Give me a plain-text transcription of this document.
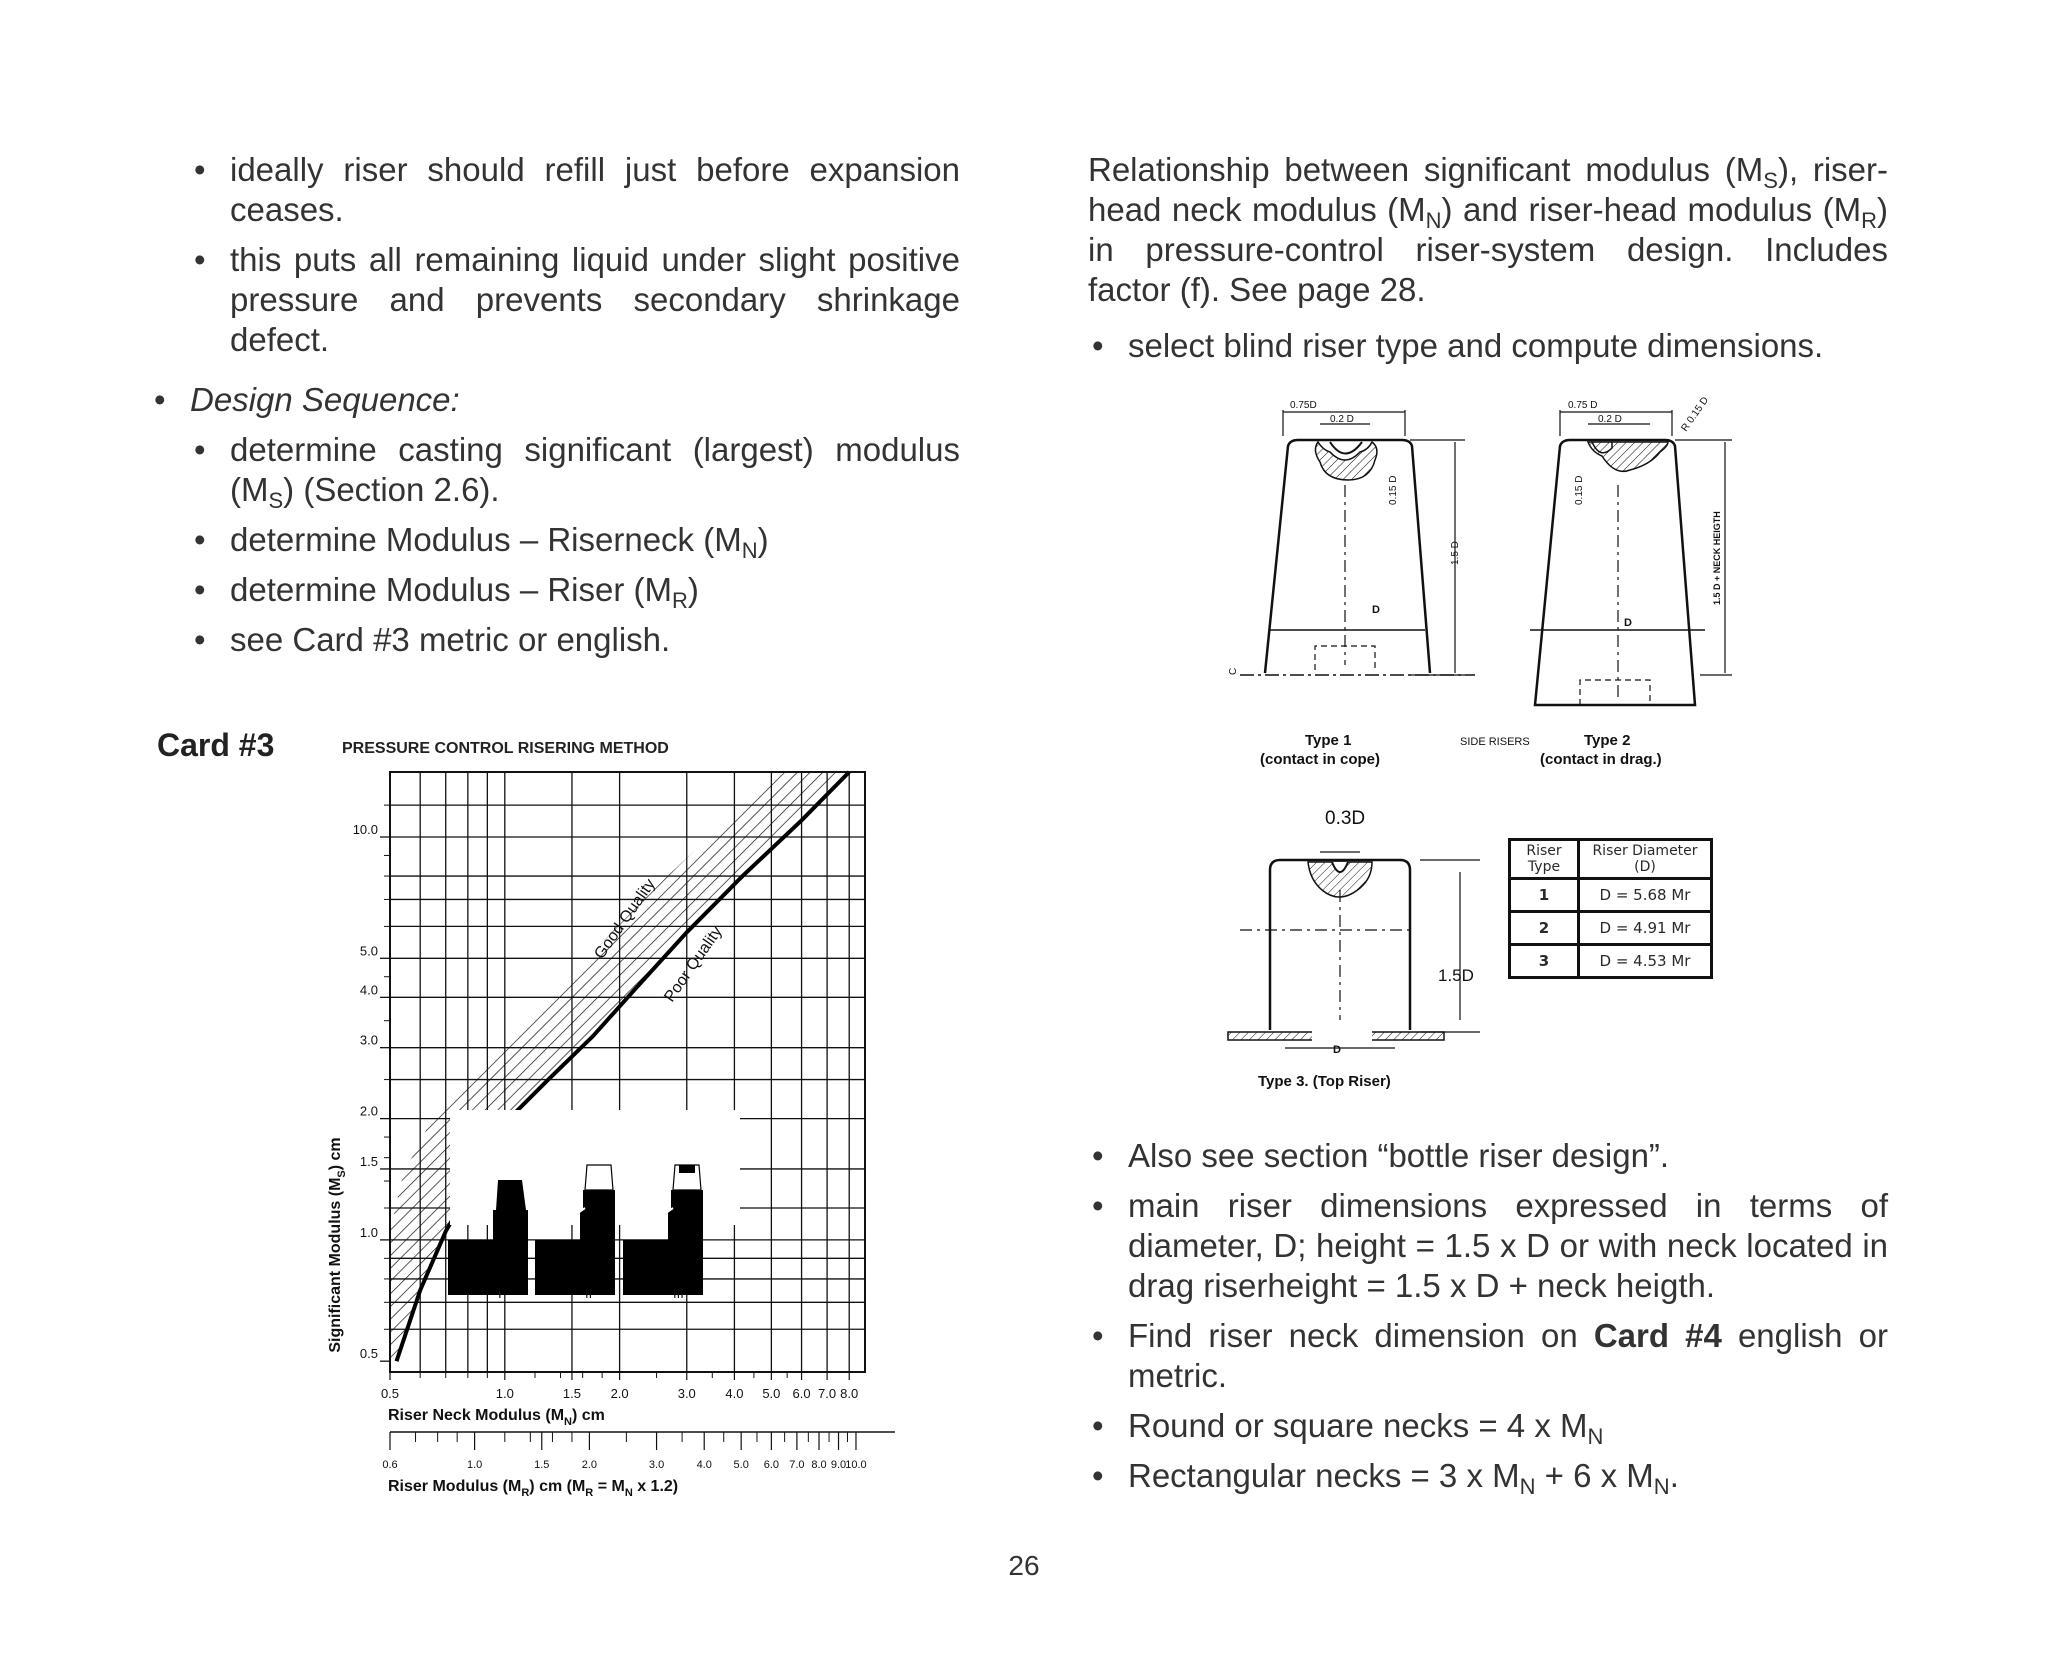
• ideally riser should refill just before expansion ceases.
• this puts all remaining liquid under slight positive pressure and prevents secondary shrinkage defect.
• Design Sequence:
• determine casting significant (largest) modulus $(M_S)$ (Section 2.6).
• determine Modulus – Riserneck $(M_N)$
• determine Modulus – Riser $(M_R)$
• see Card #3 metric or english.
Card #3	PRESSURE CONTROL RISERING METHOD
0.5
1.0
1.5
2.0
3.0
4.0
5.0
10.0
0.5	1.0	1.5 2.0	3.0 4.0 5.0 6.0 7.0 8.0
0.6	1.0	1.5	2.0	3.0	4.0 5.0 6.0 7.0 8.0 9.0 10.0
Good Quality
Poor Quality
I	II	III
Riser Neck Modulus $(M_N)$ cm
Riser Modulus $(M_R)$ cm ($M_R = M_N$ x 1.2)
Significant Modulus $(M_S)$ cm
Relationship between significant modulus $(M_S)$, riser-head neck modulus $(M_N)$ and riser-head modulus $(M_R)$ in pressure-control riser-system design. Includes factor (f). See page 28.
• select blind riser type and compute dimensions.
0.75D
0.2 D
0.15 D
1.5 D
D
C
Type 1
(contact in cope)
SIDE RISERS
0.75 D
0.2 D	R 0.15 D
0.15 D
1.5 D + NECK HEIGTH
D
Type 2
(contact in drag.)
0.3D
1.5D
D
Type 3. (Top Riser)
Riser Type	Riser Diameter (D)
1	D = 5.68 Mr
2	D = 4.91 Mr
3	D = 4.53 Mr
• Also see section “bottle riser design”.
• main riser dimensions expressed in terms of diameter, D; height = 1.5 x D or with neck located in drag riserheight = 1.5 x D + neck heigth.
• Find riser neck dimension on Card #4 english or metric.
• Round or square necks = 4 x $M_N$
• Rectangular necks = 3 x $M_N + 6$ x $M_N$.
26
